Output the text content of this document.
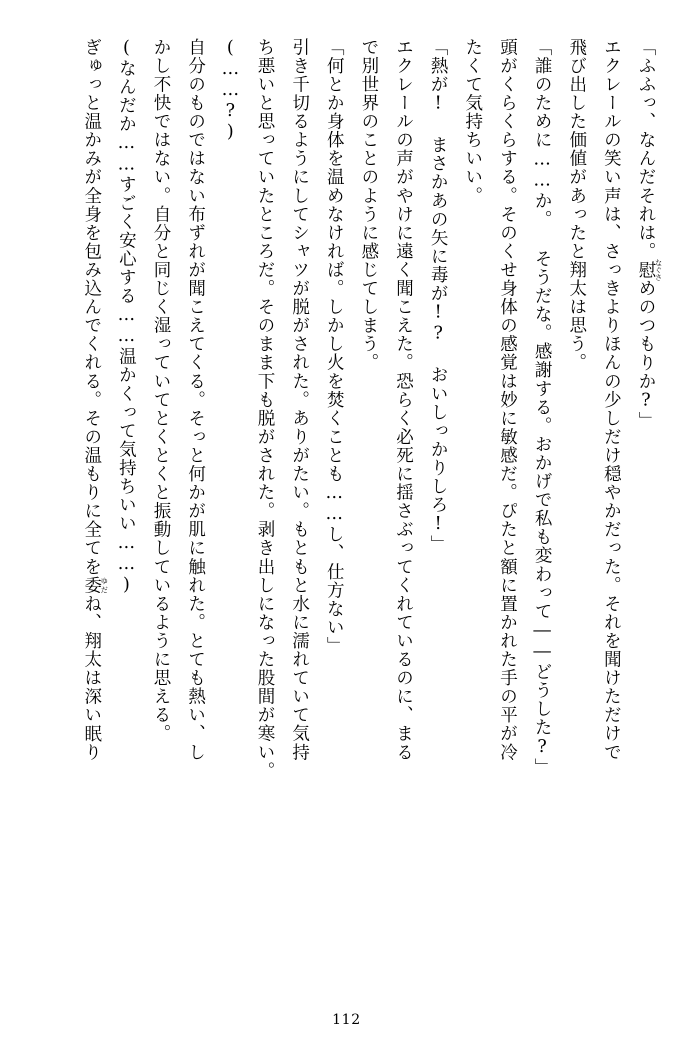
「ふふっ、なんだそれは。慰なぐさめのつもりか?」

エクレールの笑い声は、さっきよりほんの少しだけ穏やかだった。それを聞けただけで

飛び出した価値があったと翔太は思う。

「誰のために……か。 そうだな。感謝する。おかげで私も変わって――どうした?」

頭がくらくらする。そのくせ身体の感覚は妙に敏感だ。ぴたと額に置かれた手の平が冷

たくて気持ちいい。

「熱が! まさかあの矢に毒が!? おいしっかりしろ!」

エクレールの声がやけに遠く聞こえた。恐らく必死に揺さぶってくれているのに、まる

で別世界のことのように感じてしまう。

「何とか身体を温めなければ。しかし火を焚くことも……し、仕方ない」

引き千切るようにしてシャツが脱がされた。ありがたい。もともと水に濡れていて気持

ち悪いと思っていたところだ。そのまま下も脱がされた。剥き出しになった股間が寒い。

(……?)

自分のものではない布ずれが聞こえてくる。そっと何かが肌に触れた。とても熱い、し

かし不快ではない。自分と同じく湿っていてとくとくと振動しているように思える。

(なんだか……すごく安心する……温かくって気持ちいい……)

ぎゅっと温かみが全身を包み込んでくれる。その温もりに全てを委ゆだね、翔太は深い眠り

112
